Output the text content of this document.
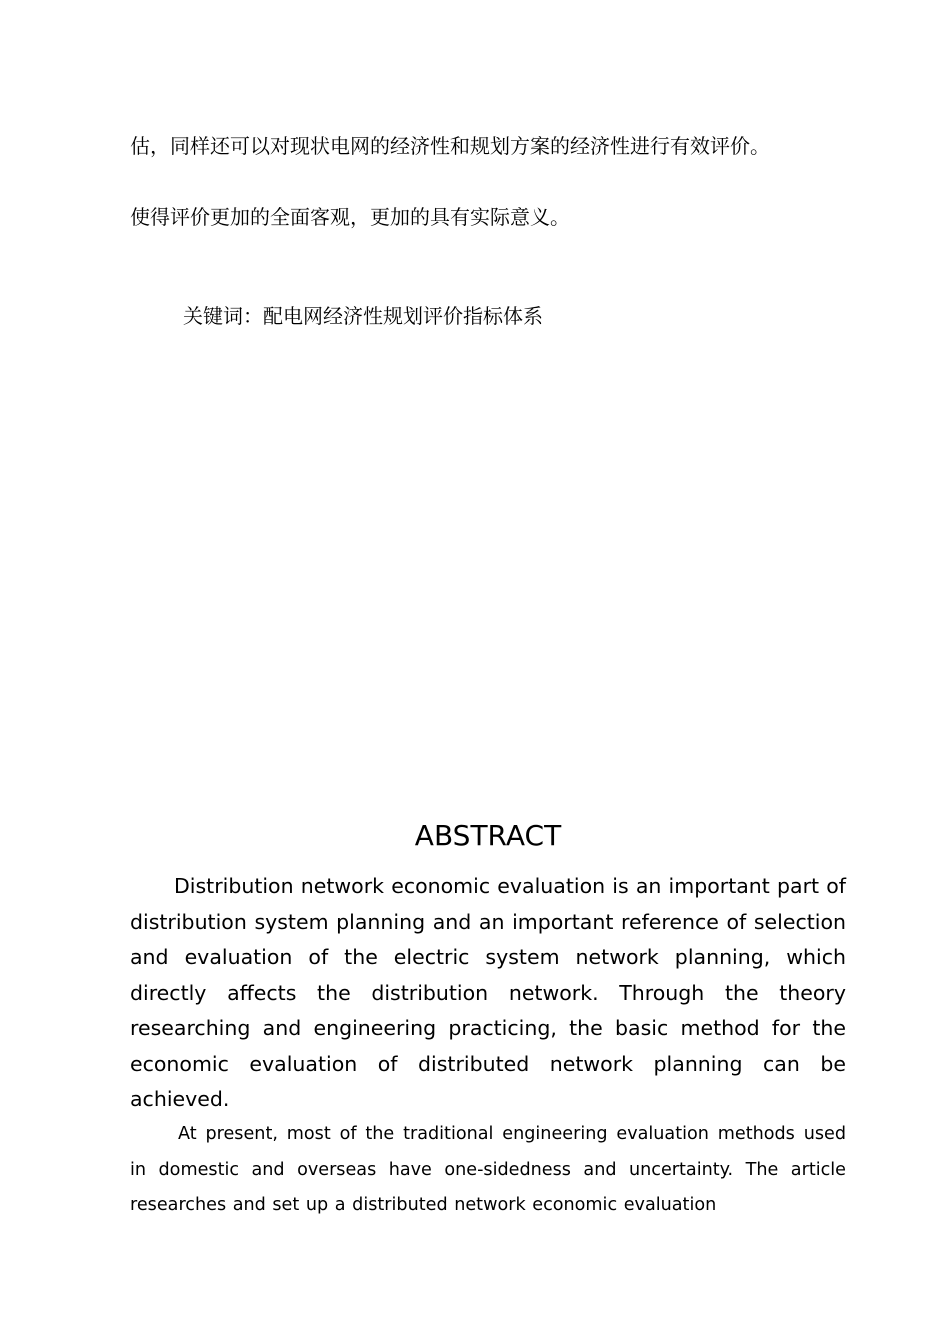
估，同样还可以对现状电网的经济性和规划方案的经济性进行有效评价。
使得评价更加的全面客观，更加的具有实际意义。
关键词：配电网经济性规划评价指标体系
ABSTRACT

Distribution network economic evaluation is an important part of distribution system planning and an important reference of selection and evaluation of the electric system network planning, which directly affects the distribution network. Through the theory researching and engineering practicing, the basic method for the economic evaluation of distributed network planning can be achieved.

At present, most of the traditional engineering evaluation methods used in domestic and overseas have one-sidedness and uncertainty. The article researches and set up a distributed network economic evaluation
